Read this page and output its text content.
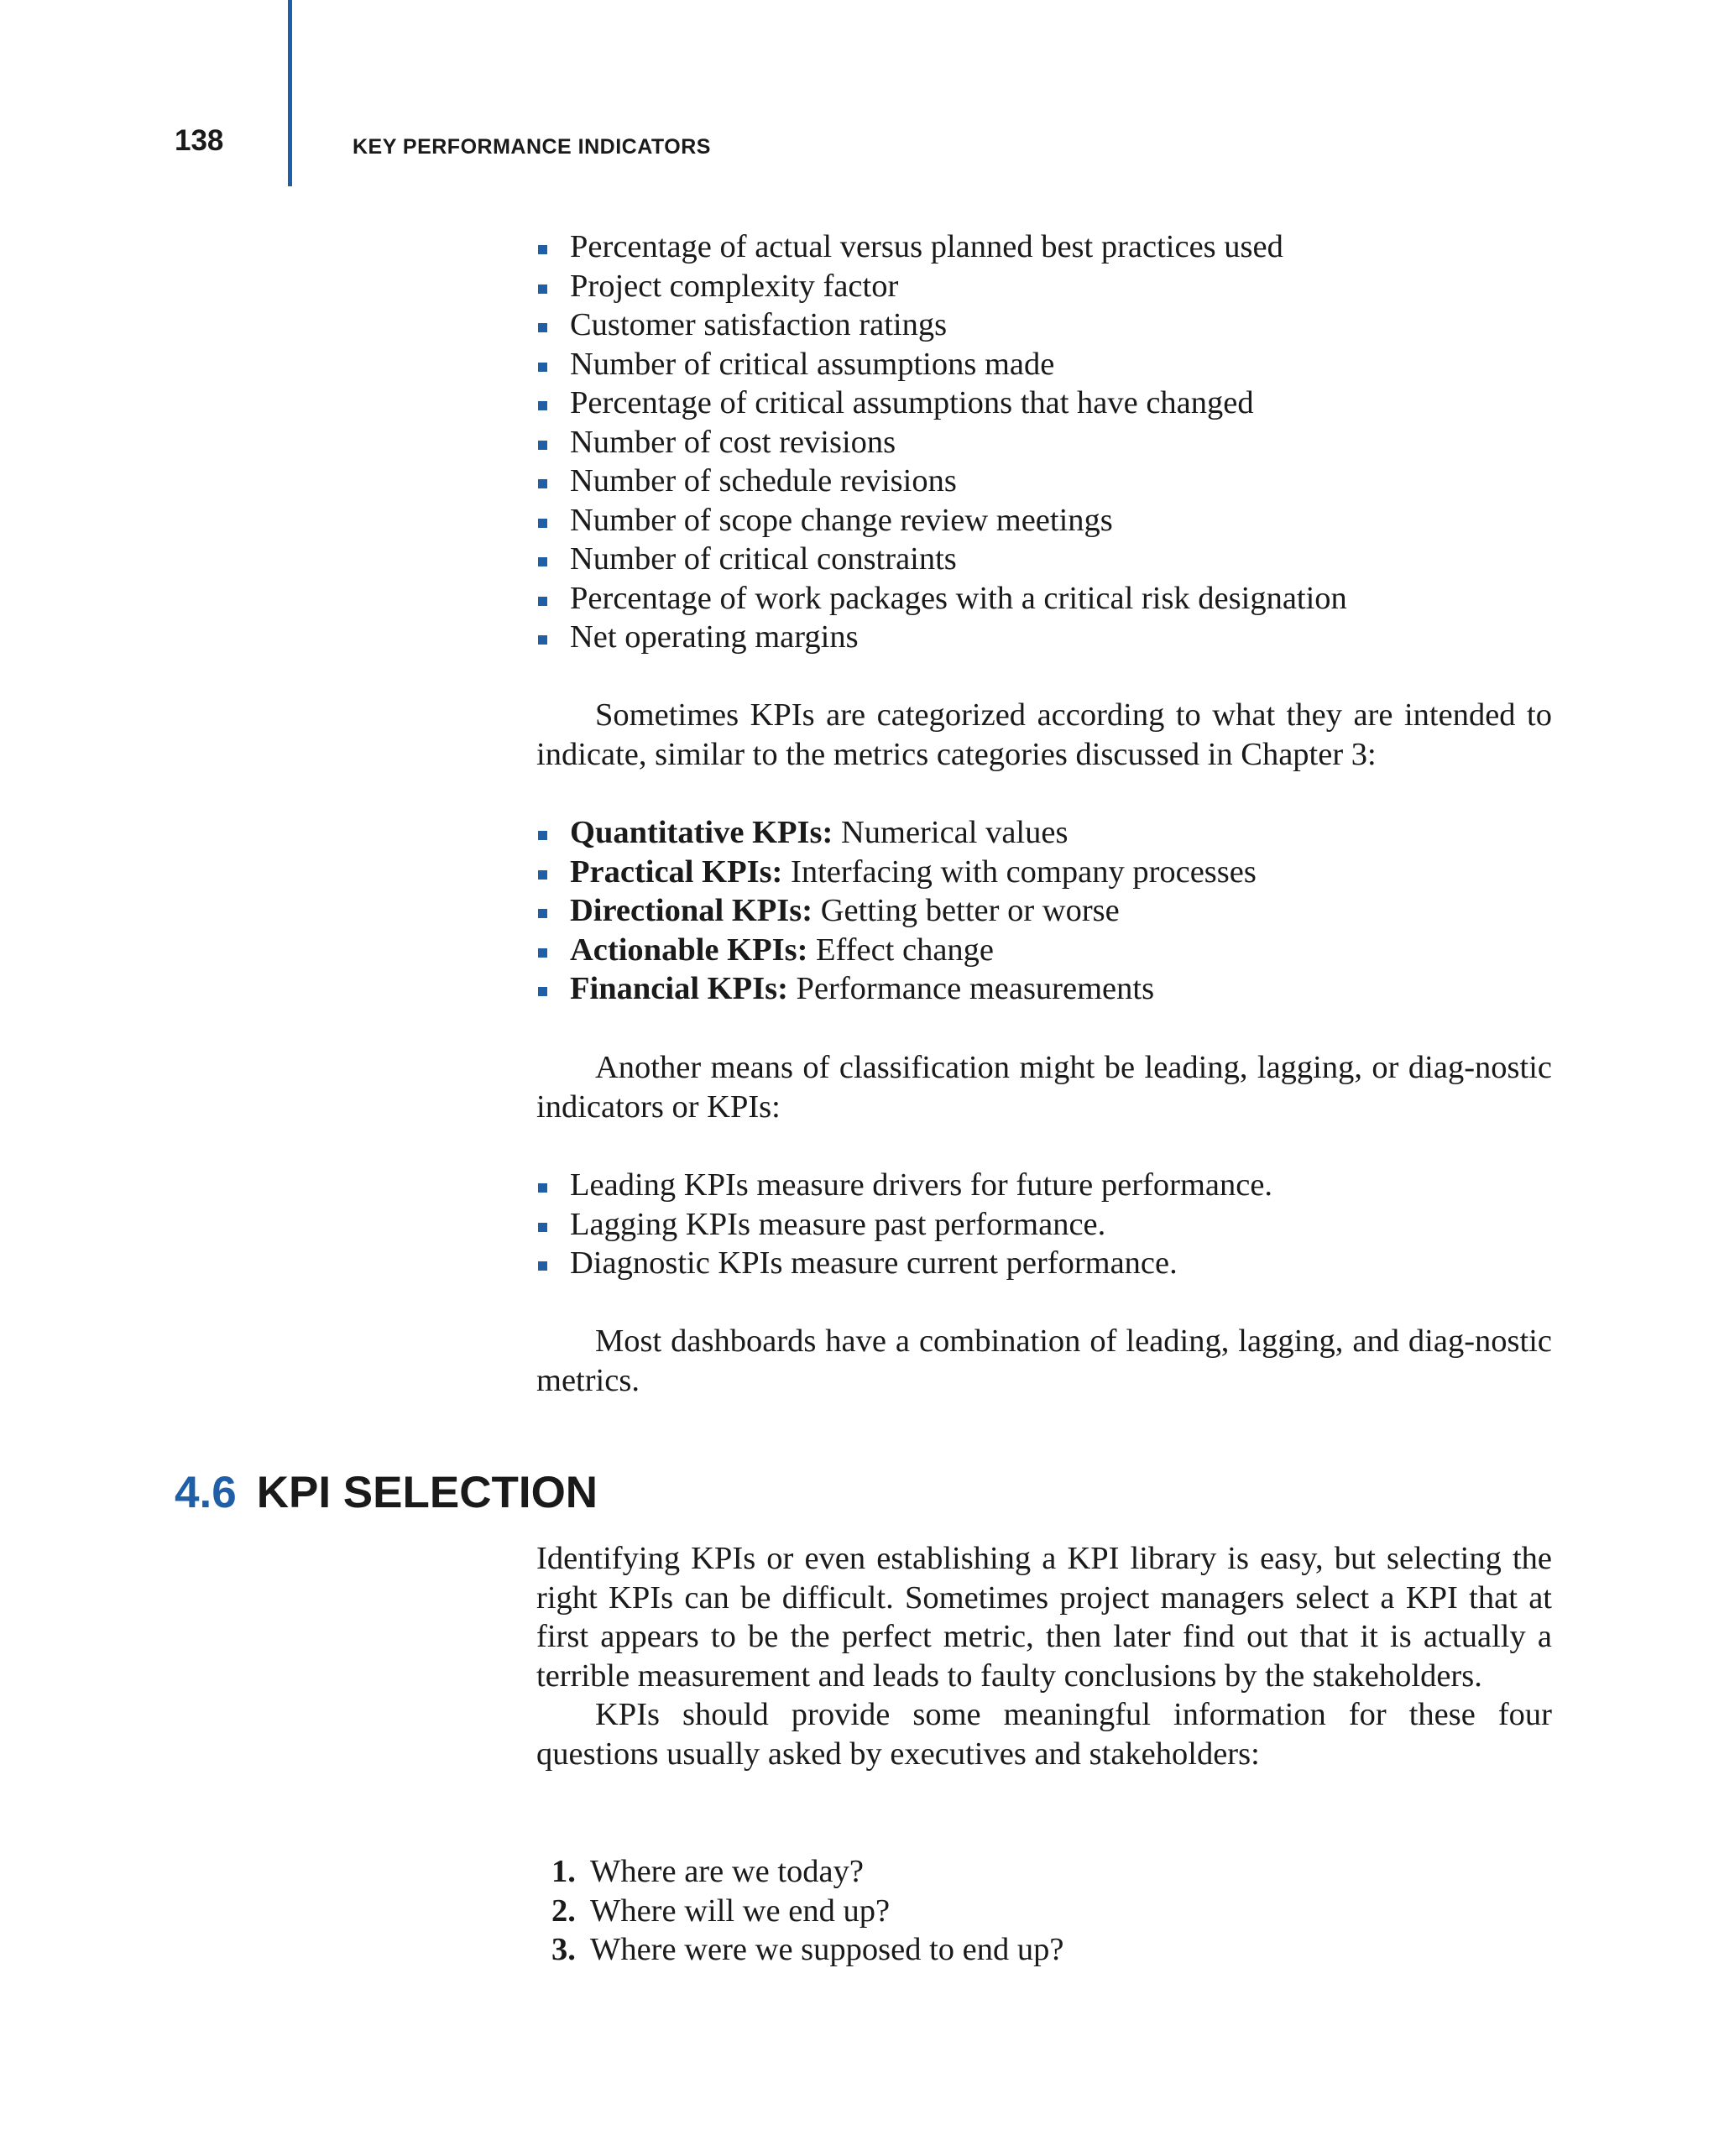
138	KEY PERFORMANCE INDICATORS
Percentage of actual versus planned best practices used
Project complexity factor
Customer satisfaction ratings
Number of critical assumptions made
Percentage of critical assumptions that have changed
Number of cost revisions
Number of schedule revisions
Number of scope change review meetings
Number of critical constraints
Percentage of work packages with a critical risk designation
Net operating margins

Sometimes KPIs are categorized according to what they are intended to indicate, similar to the metrics categories discussed in Chapter 3:

Quantitative KPIs: Numerical values
Practical KPIs: Interfacing with company processes
Directional KPIs: Getting better or worse
Actionable KPIs: Effect change
Financial KPIs: Performance measurements

Another means of classification might be leading, lagging, or diag-nostic indicators or KPIs:

Leading KPIs measure drivers for future performance.
Lagging KPIs measure past performance.
Diagnostic KPIs measure current performance.

Most dashboards have a combination of leading, lagging, and diag-nostic metrics.

4.6 KPI SELECTION

Identifying KPIs or even establishing a KPI library is easy, but selecting the right KPIs can be difficult. Sometimes project managers select a KPI that at first appears to be the perfect metric, then later find out that it is actually a terrible measurement and leads to faulty conclusions by the stakeholders.

KPIs should provide some meaningful information for these four questions usually asked by executives and stakeholders:

1. Where are we today?
2. Where will we end up?
3. Where were we supposed to end up?
